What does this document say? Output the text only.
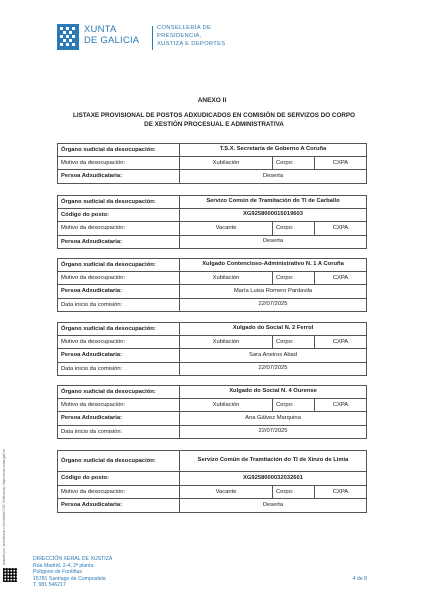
XUNTA
DE GALICIA
CONSELLERÍA DE
PRESIDENCIA,
XUSTIZA E DEPORTES
ANEXO II
LISTAXE PROVISIONAL DE POSTOS ADXUDICADOS EN COMISIÓN DE SERVIZOS DO CORPO DE XESTIÓN PROCESUAL E ADMINISTRATIVA
Órgano xudicial da desocupación:	T.S.X. Secretaría de Goberno A Coruña
Motivo da desocupación:	Xubilación	Corpo:	CXPA
Persoa Adxudicataria:	Deserta
Órgano xudicial da desocupación:	Servizo Común de Tramitación do TI de Carballo
Código do posto:	XG9258000015019603
Motivo da desocupación:	Vacante	Corpo:	CXPA
Persoa Adxudicataria:	Deserta
Órgano xudicial da desocupación:	Xulgado Contencioso-Administrativo N. 1 A Coruña
Motivo da desocupación:	Xubilación	Corpo:	CXPA
Persoa Adxudicataria:	María Luisa Romero Pardavila
Data inicio da comisión:	22/07/2025
Órgano xudicial da desocupación:	Xulgado do Social N. 2 Ferrol
Motivo da desocupación:	Xubilación	Corpo:	CXPA
Persoa Adxudicataria:	Sara Aneiros Abad
Data inicio da comisión:	22/07/2025
Órgano xudicial da desocupación:	Xulgado do Social N. 4 Ourense
Motivo da desocupación:	Xubilación	Corpo:	CXPA
Persoa Adxudicataria:	Ana Gálvez Marquina
Data inicio da comisión:	22/07/2025
Órgano xudicial da desocupación:	Servizo Común de Tramitación do TI de Xinzo de Limia
Código do posto:	XG9258000032032601
Motivo da desocupación:	Vacante	Corpo:	CXPA
Persoa Adxudicataria:	Deserta
Asinado por: presidencia e secretaría CVE: Verificación: https://sede.xunta.gal/cve	DIRECCIÓN XERAL DE XUSTIZA
Rúa Madrid, 2-4, 2ª planta
Polígono de Fontiñas
15781 Santiago de Compostela
T. 981 546217
4 de 8
